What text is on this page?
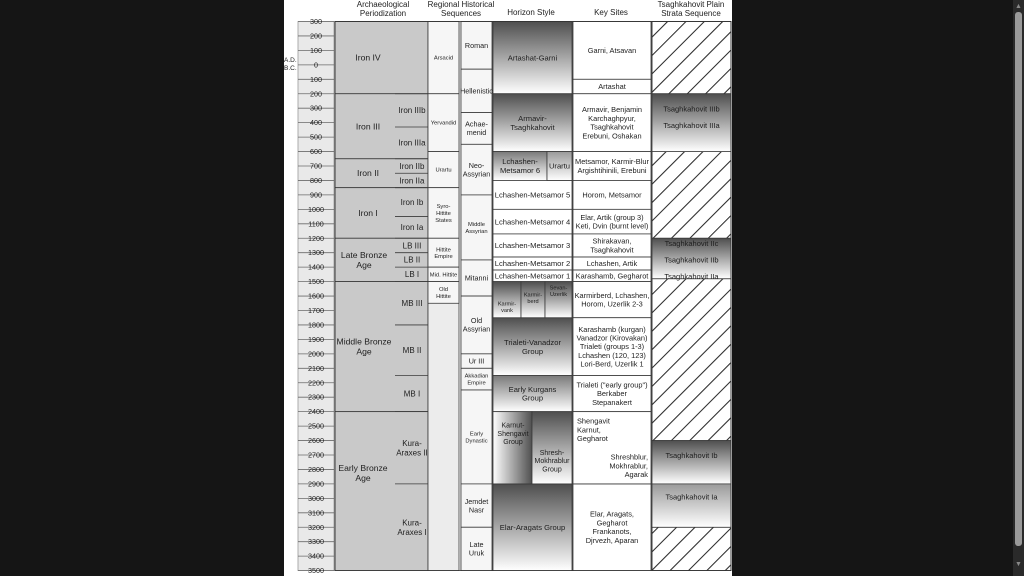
Archaeological Periodization
Regional Historical Sequences	Horizon Style	Key Sites
Tsaghkahovit Plain Strata Sequence
A.D.
B.C.
300
200
100
0
100
200
300
400
500
600
700
800
900
1000
1100
1200
1300
1400
1500
1600
1700
1800
1900
2000
2100
2200
2300
2400
2500
2600
2700
2800
2900
3000
3100
3200
3300
3400
3500
Iron IV
Iron III
Iron II
Iron I
Late Bronze Age
Middle Bronze Age
Early Bronze Age
Iron IIIb
Iron IIIa
Iron IIb
Iron IIa
Iron Ib
Iron Ia
LB III
LB II
LB I
MB III
MB II
MB I
Kura-Araxes II
Kura-Araxes I
Arsacid
Yervandid
Urartu
Syro-Hittite States
Hittite Empire
Mid. Hittite
Old Hittite
Roman
Hellenistic
Achae-menid
Neo-Assyrian
Middle Assyrian
Mitanni
Old Assyrian
Ur III
Akkadian Empire
Early Dynastic
Jemdet Nasr
Late Uruk
Artashat-Garni
Armavir-Tsaghkahovit
Lchashen-Metsamor 6
Lchashen-Metsamor 5
Lchashen-Metsamor 4
Lchashen-Metsamor 3
Lchashen-Metsamor 2
Lchashen-Metsamor 1
Trialeti-Vanadzor Group
Early Kurgans Group
Elar-Aragats Group
Urartu
Karmir-vank
Karmir-berd
Sevan-Uzerlik
Karnut-Shengavit Group
Shresh-Mokhrablur Group
Garni, Atsavan
Artashat
Armavir, Benjamin Karchaghpyur, Tsaghkahovit Erebuni, Oshakan
Metsamor, Karmir-Blur Argishtihinili, Erebuni
Horom, Metsamor
Elar, Artik (group 3) Keti, Dvin (burnt level)
Shirakavan, Tsaghkahovit
Lchashen, Artik
Karashamb, Gegharot
Karmirberd, Lchashen, Horom, Uzerlik 2-3
Karashamb (kurgan) Vanadzor (Kirovakan) Trialeti (groups 1-3) Lchashen (120, 123) Lori-Berd, Uzerlik 1
Trialeti ("early group") Berkaber Stepanakert
Elar, Aragats, Gegharot Frankanots, Djrvezh, Aparan
Shengavit Karnut, Gegharot
Shreshblur, Mokhrablur, Agarak
Tsaghkahovit IIIb Tsaghkahovit IIIa
Tsaghkahovit IIc Tsaghkahovit IIb Tsaghkahovit IIa
Tsaghkahovit Ib
Tsaghkahovit Ia
▲
▼
